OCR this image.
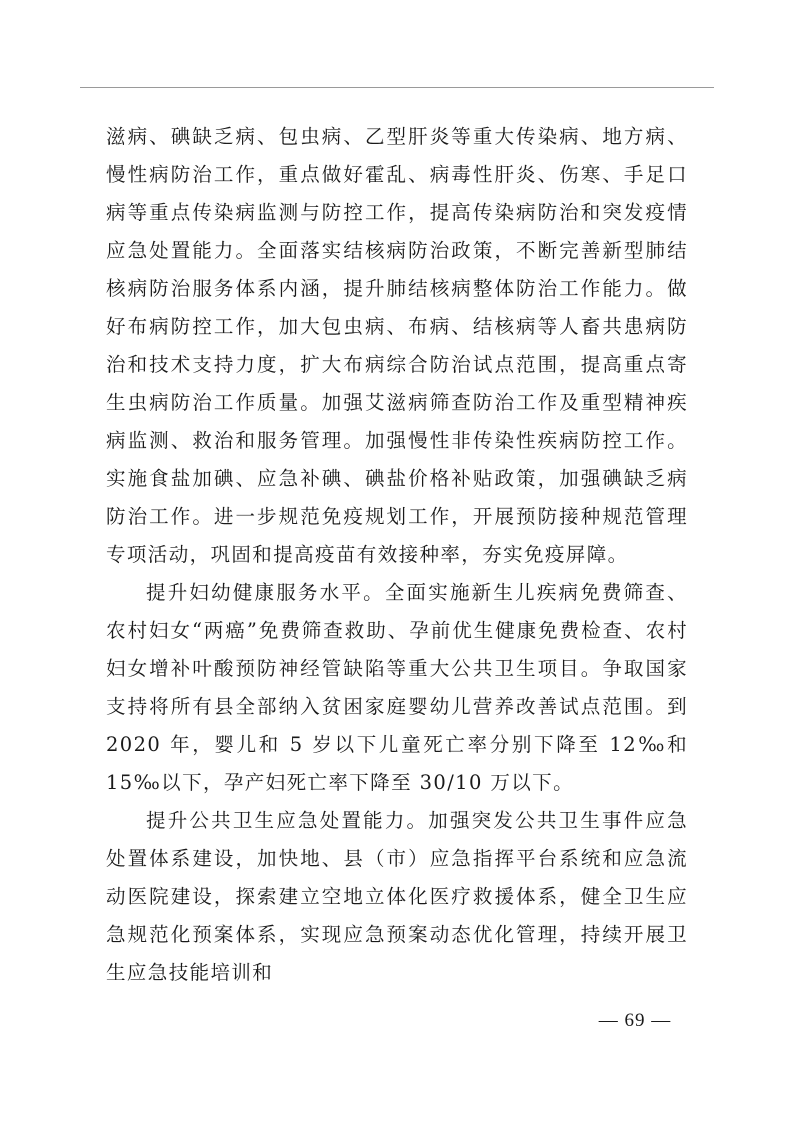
滋病、碘缺乏病、包虫病、乙型肝炎等重大传染病、地方病、慢性病防治工作，重点做好霍乱、病毒性肝炎、伤寒、手足口病等重点传染病监测与防控工作，提高传染病防治和突发疫情应急处置能力。全面落实结核病防治政策，不断完善新型肺结核病防治服务体系内涵，提升肺结核病整体防治工作能力。做好布病防控工作，加大包虫病、布病、结核病等人畜共患病防治和技术支持力度，扩大布病综合防治试点范围，提高重点寄生虫病防治工作质量。加强艾滋病筛查防治工作及重型精神疾病监测、救治和服务管理。加强慢性非传染性疾病防控工作。实施食盐加碘、应急补碘、碘盐价格补贴政策，加强碘缺乏病防治工作。进一步规范免疫规划工作，开展预防接种规范管理专项活动，巩固和提高疫苗有效接种率，夯实免疫屏障。

提升妇幼健康服务水平。全面实施新生儿疾病免费筛查、农村妇女“两癌”免费筛查救助、孕前优生健康免费检查、农村妇女增补叶酸预防神经管缺陷等重大公共卫生项目。争取国家支持将所有县全部纳入贫困家庭婴幼儿营养改善试点范围。到 2020 年，婴儿和 5 岁以下儿童死亡率分别下降至 12‰和 15‰以下，孕产妇死亡率下降至 30/10 万以下。

提升公共卫生应急处置能力。加强突发公共卫生事件应急处置体系建设，加快地、县（市）应急指挥平台系统和应急流动医院建设，探索建立空地立体化医疗救援体系，健全卫生应急规范化预案体系，实现应急预案动态优化管理，持续开展卫生应急技能培训和

— 69 —
